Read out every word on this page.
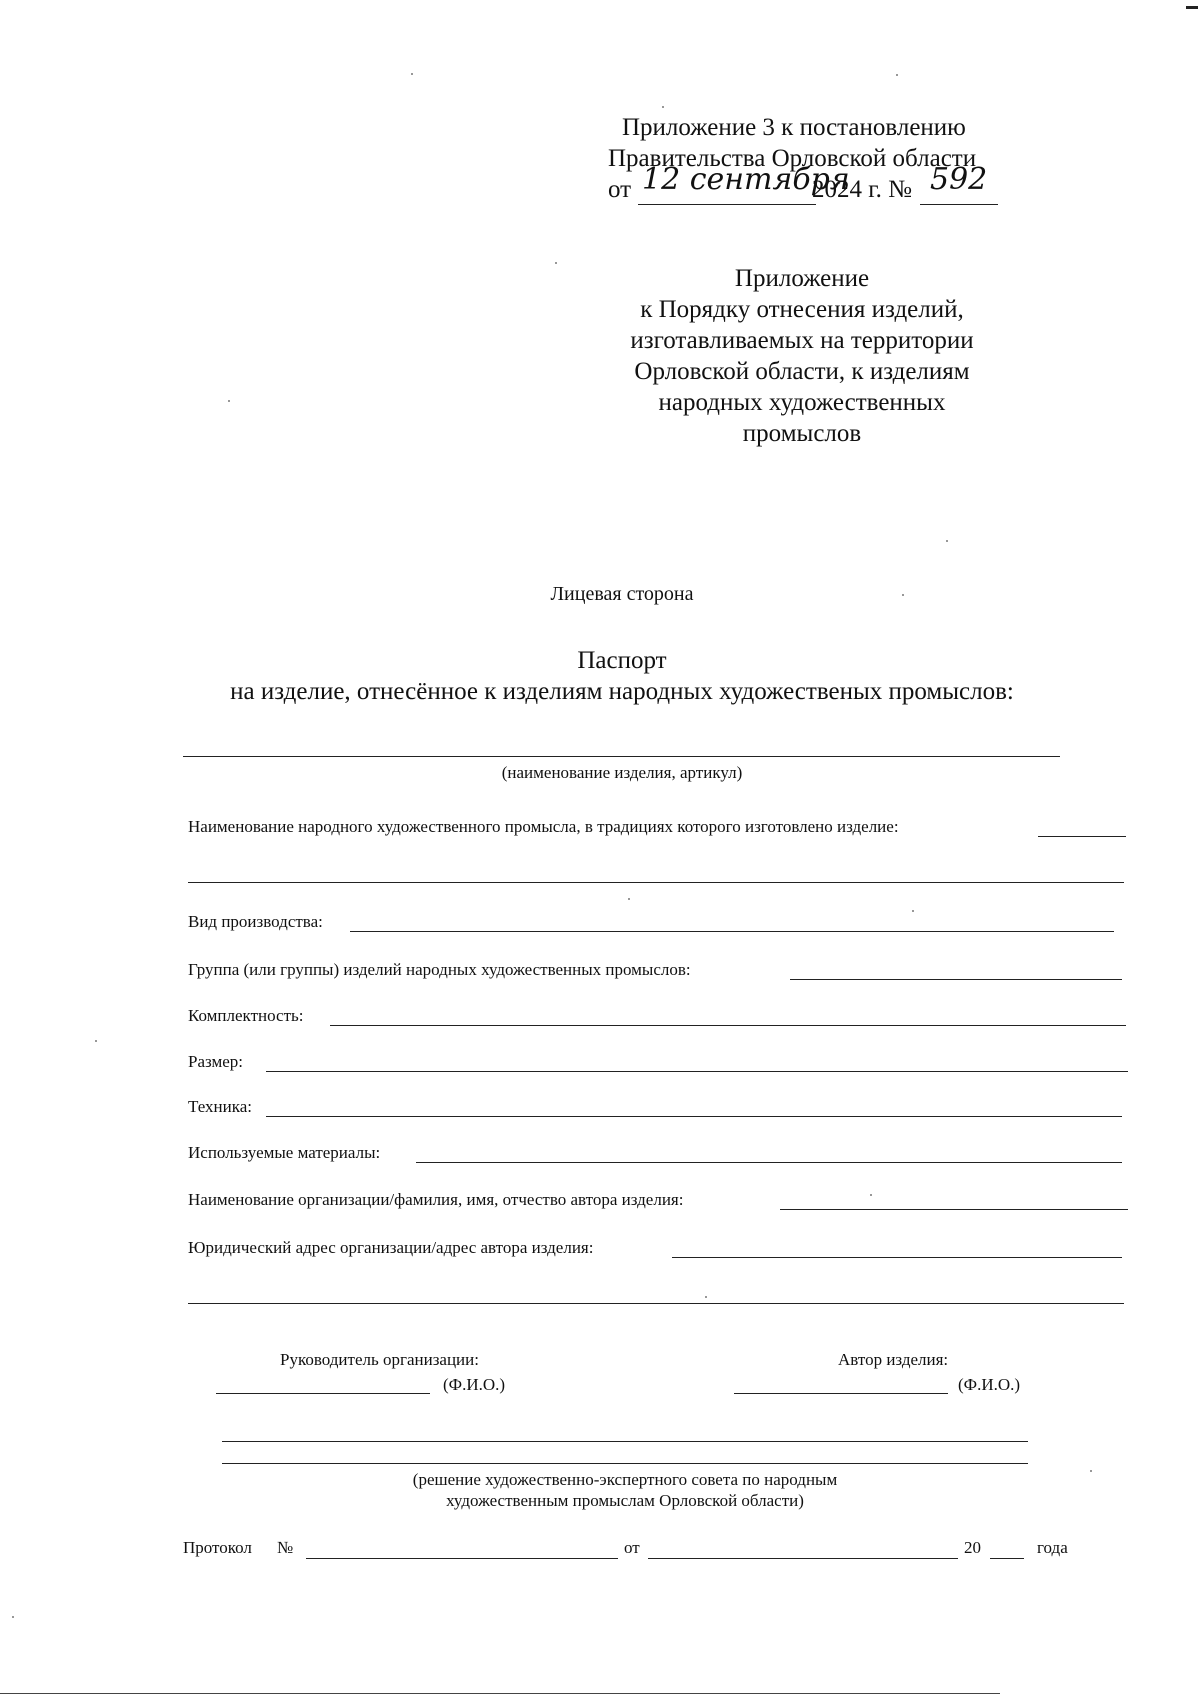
Приложение 3 к постановлению
Правительства Орловской области
от 12 сентября
2024 г. № 592
Приложение
к Порядку отнесения изделий,
изготавливаемых на территории
Орловской области, к изделиям
народных художественных
промыслов
Лицевая сторона
Паспорт
на изделие, отнесённое к изделиям народных художественых промыслов:
(наименование изделия, артикул)
Наименование народного художественного промысла, в традициях которого изготовлено изделие:
Вид производства:
Группа (или группы) изделий народных художественных промыслов:
Комплектность:
Размер:
Техника:
Используемые материалы:
Наименование организации/фамилия, имя, отчество автора изделия:
Юридический адрес организации/адрес автора изделия:
Руководитель организации:
(Ф.И.О.)
Автор изделия:
(Ф.И.О.)
(решение художественно-экспертного совета по народным
художественным промыслам Орловской области)
Протокол №	от	20	года
